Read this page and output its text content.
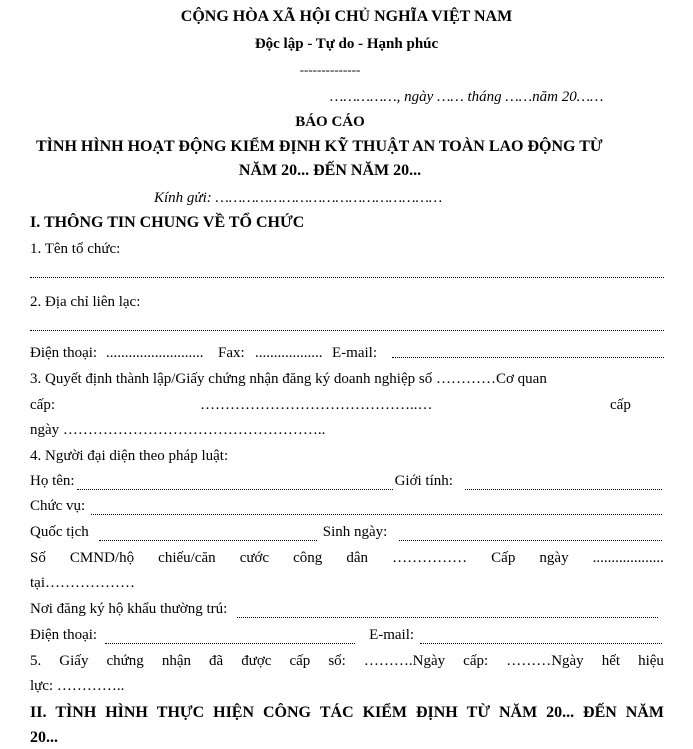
CỘNG HÒA XÃ HỘI CHỦ NGHĨA VIỆT NAM
Độc lập - Tự do - Hạnh phúc
--------------
……………, ngày …… tháng ……năm 20……
BÁO CÁO
TÌNH HÌNH HOẠT ĐỘNG KIỂM ĐỊNH KỸ THUẬT AN TOÀN LAO ĐỘNG TỪ
NĂM 20... ĐẾN NĂM 20...
Kính gửi: ……………………………………………
I. THÔNG TIN CHUNG VỀ TỔ CHỨC
1. Tên tổ chức:
2. Địa chỉ liên lạc:
Điện thoại: .......................... Fax: .................. E-mail:
3. Quyết định thành lập/Giấy chứng nhận đăng ký doanh nghiệp số …………Cơ quan
cấp:	……………………………………..…	cấp
ngày ……………………………………………..
4. Người đại diện theo pháp luật:
Họ tên:	Giới tính:
Chức vụ:
Quốc tịch	Sinh ngày:
Số CMND/hộ chiếu/căn cước công dân …………… Cấp ngày ...................
tại………………
Nơi đăng ký hộ khẩu thường trú:
Điện thoại:	E-mail:
5. Giấy chứng nhận đã được cấp số: ……….Ngày cấp: ………Ngày hết hiệu
lực: …………..
II. TÌNH HÌNH THỰC HIỆN CÔNG TÁC KIỂM ĐỊNH TỪ NĂM 20... ĐẾN NĂM
20...
